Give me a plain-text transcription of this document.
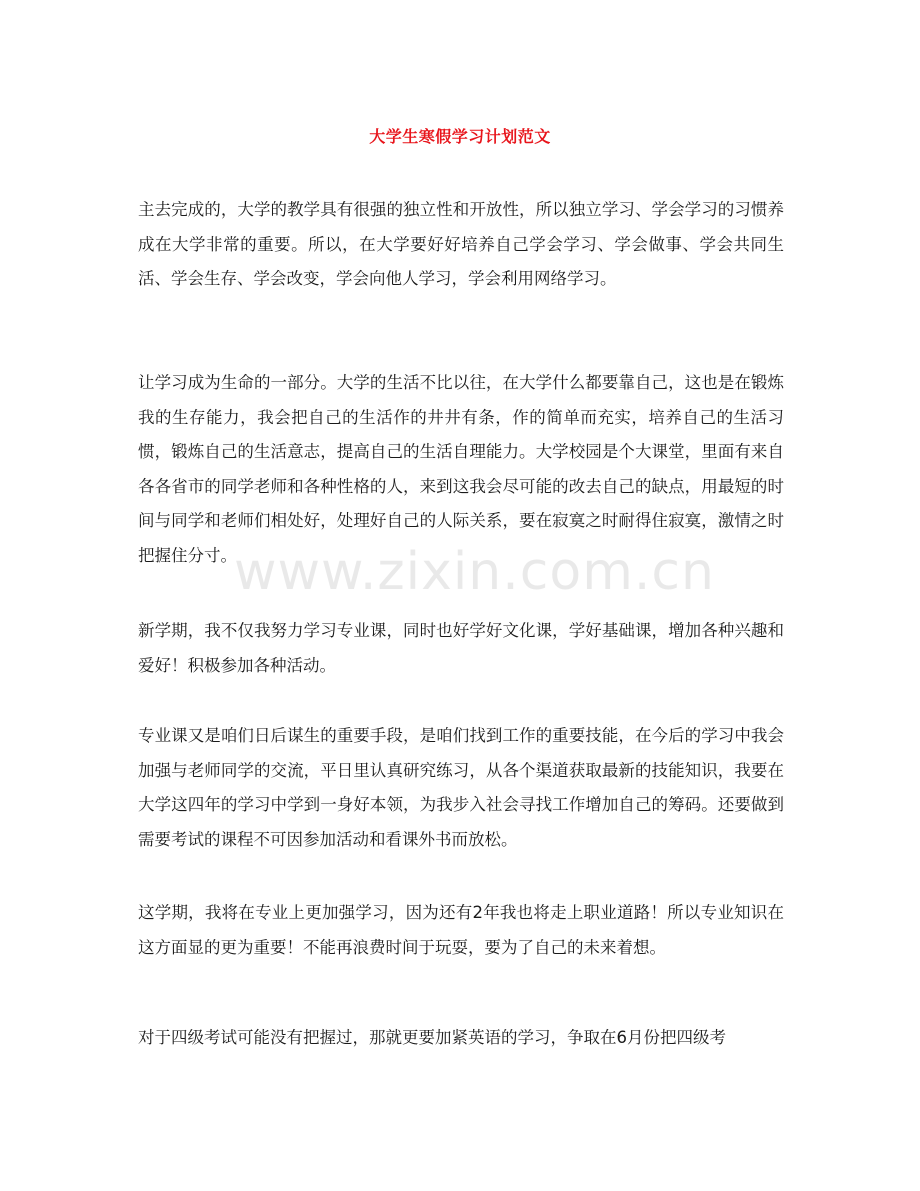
大学生寒假学习计划范文
www.zixin.com.cn

主去完成的，大学的教学具有很强的独立性和开放性，所以独立学习、学会学习的习惯养成在大学非常的重要。所以，在大学要好好培养自己学会学习、学会做事、学会共同生活、学会生存、学会改变，学会向他人学习，学会利用网络学习。

让学习成为生命的一部分。大学的生活不比以往，在大学什么都要靠自己，这也是在锻炼我的生存能力，我会把自己的生活作的井井有条，作的简单而充实，培养自己的生活习惯，锻炼自己的生活意志，提高自己的生活自理能力。大学校园是个大课堂，里面有来自各各省市的同学老师和各种性格的人，来到这我会尽可能的改去自己的缺点，用最短的时间与同学和老师们相处好，处理好自己的人际关系，要在寂寞之时耐得住寂寞，激情之时把握住分寸。

新学期，我不仅我努力学习专业课，同时也好学好文化课，学好基础课，增加各种兴趣和爱好！积极参加各种活动。

专业课又是咱们日后谋生的重要手段，是咱们找到工作的重要技能，在今后的学习中我会加强与老师同学的交流，平日里认真研究练习，从各个渠道获取最新的技能知识，我要在大学这四年的学习中学到一身好本领，为我步入社会寻找工作增加自己的筹码。还要做到需要考试的课程不可因参加活动和看课外书而放松。

这学期，我将在专业上更加强学习，因为还有2年我也将走上职业道路！所以专业知识在这方面显的更为重要！不能再浪费时间于玩耍，要为了自己的未来着想。

对于四级考试可能没有把握过，那就更要加紧英语的学习，争取在6月份把四级考
